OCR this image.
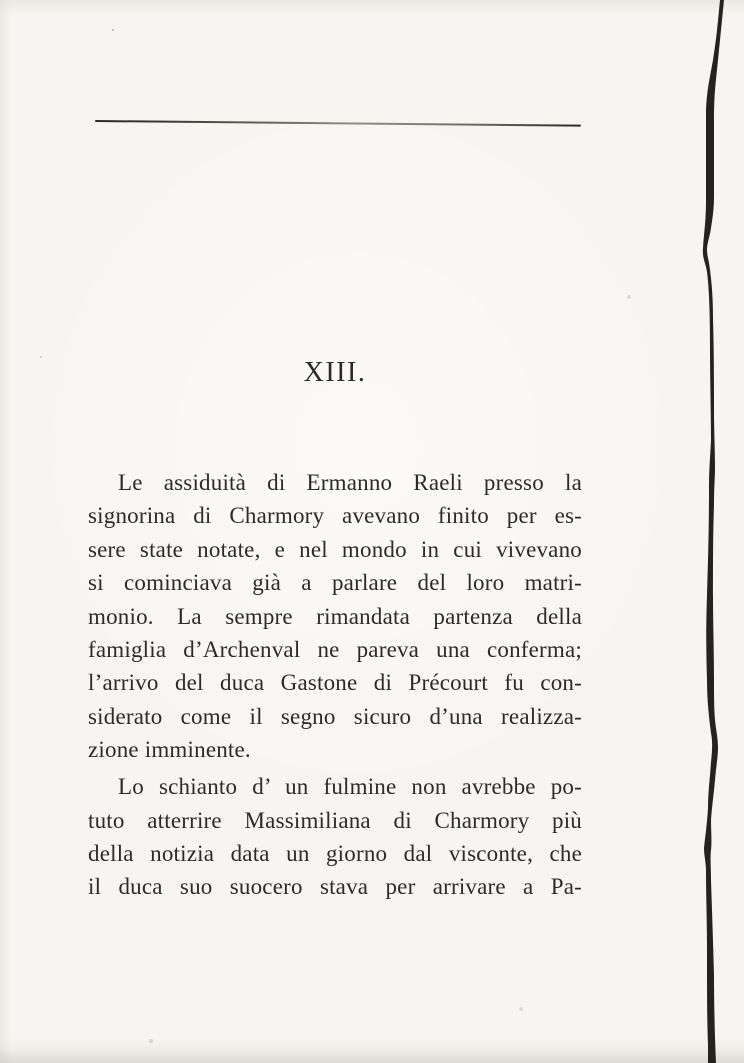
XIII.
Le assiduità di Ermanno Raeli presso la
signorina di Charmory avevano finito per es-
sere state notate, e nel mondo in cui vivevano
si cominciava già a parlare del loro matri-
monio. La sempre rimandata partenza della
famiglia d’Archenval ne pareva una conferma;
l’arrivo del duca Gastone di Précourt fu con-
siderato come il segno sicuro d’una realizza-
zione imminente.
Lo schianto d’ un fulmine non avrebbe po-
tuto atterrire Massimiliana di Charmory più
della notizia data un giorno dal visconte, che
il duca suo suocero stava per arrivare a Pa-
